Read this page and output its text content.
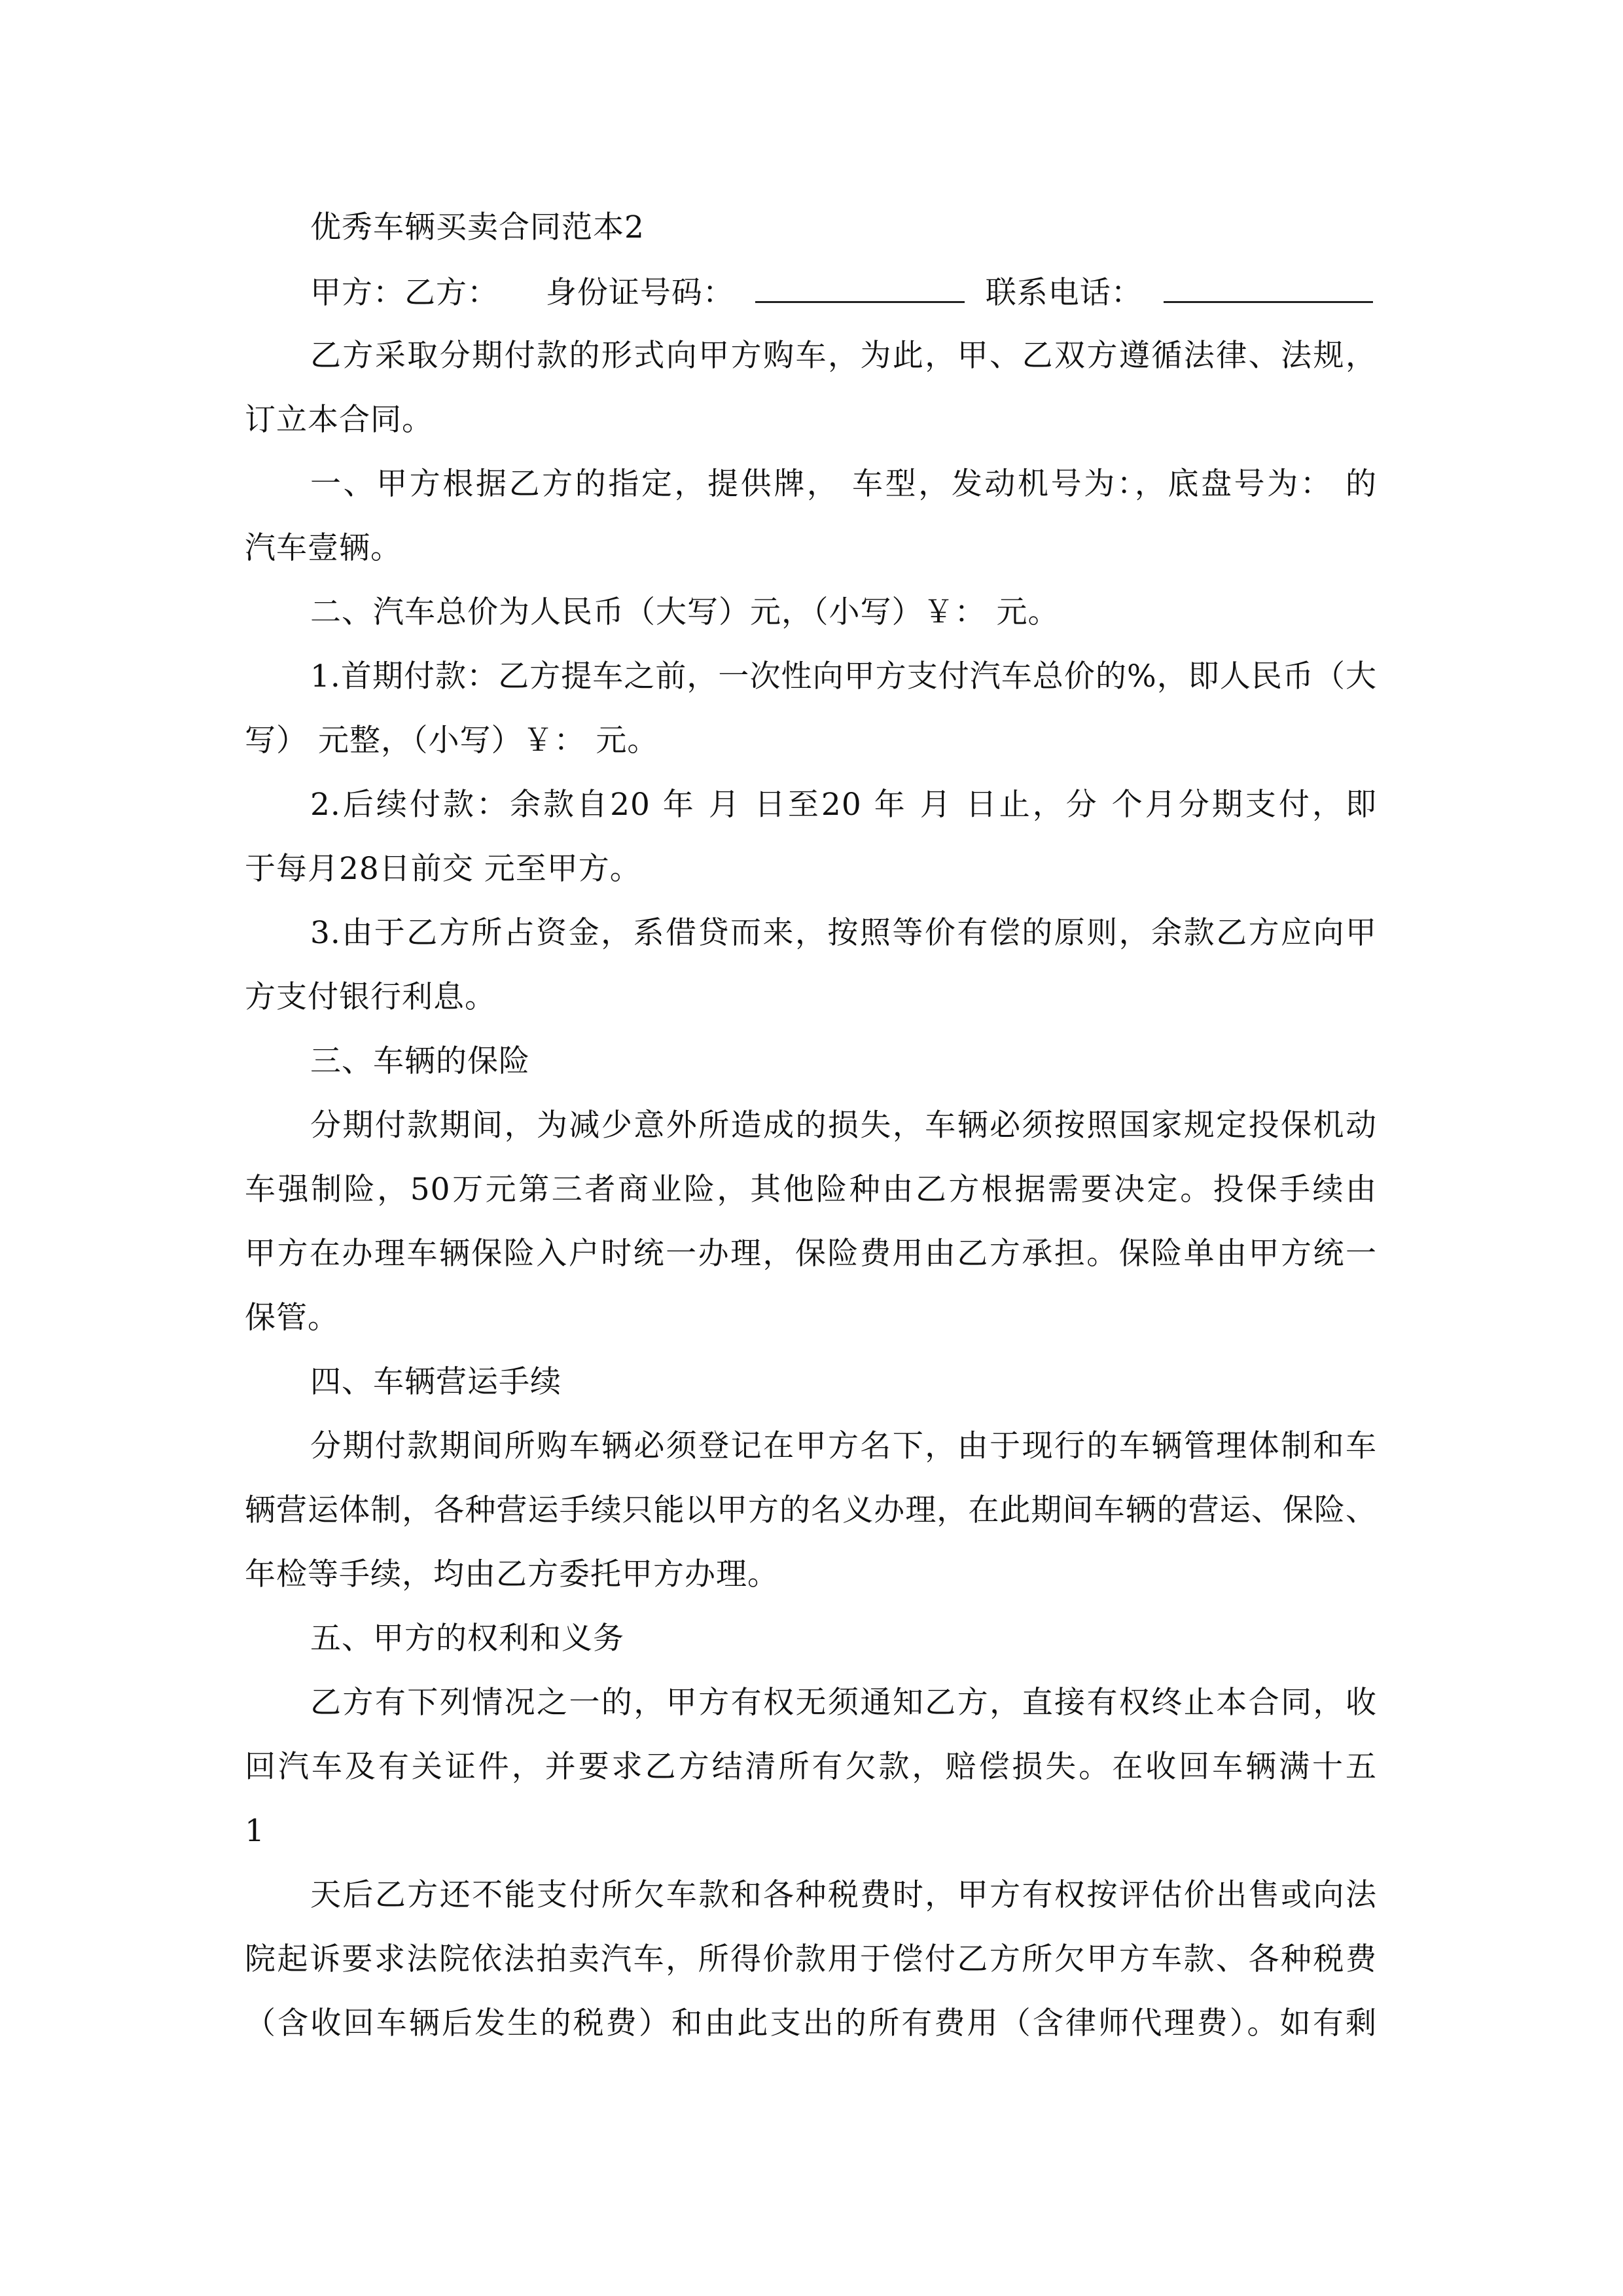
优秀车辆买卖合同范本2
甲方：乙方： 身份证号码：	联系电话：
乙方采取分期付款的形式向甲方购车，为此，甲、乙双方遵循法律、法规，
订立本合同。
一、甲方根据乙方的指定，提供牌， 车型，发动机号为：，底盘号为： 的
汽车壹辆。
二、汽车总价为人民币（大写）元，（小写）￥： 元。
1.首期付款：乙方提车之前，一次性向甲方支付汽车总价的%，即人民币（大
写） 元整，（小写）￥： 元。
2.后续付款：余款自20 年 月 日至20 年 月 日止，分 个月分期支付，即
于每月28日前交 元至甲方。
3.由于乙方所占资金，系借贷而来，按照等价有偿的原则，余款乙方应向甲
方支付银行利息。
三、车辆的保险
分期付款期间，为减少意外所造成的损失，车辆必须按照国家规定投保机动
车强制险，50万元第三者商业险，其他险种由乙方根据需要决定。投保手续由
甲方在办理车辆保险入户时统一办理，保险费用由乙方承担。保险单由甲方统一
保管。
四、车辆营运手续
分期付款期间所购车辆必须登记在甲方名下，由于现行的车辆管理体制和车
辆营运体制，各种营运手续只能以甲方的名义办理，在此期间车辆的营运、保险、
年检等手续，均由乙方委托甲方办理。
五、甲方的权利和义务
乙方有下列情况之一的，甲方有权无须通知乙方，直接有权终止本合同，收
回汽车及有关证件，并要求乙方结清所有欠款，赔偿损失。在收回车辆满十五
1
天后乙方还不能支付所欠车款和各种税费时，甲方有权按评估价出售或向法
院起诉要求法院依法拍卖汽车，所得价款用于偿付乙方所欠甲方车款、各种税费
（含收回车辆后发生的税费）和由此支出的所有费用（含律师代理费）。如有剩
